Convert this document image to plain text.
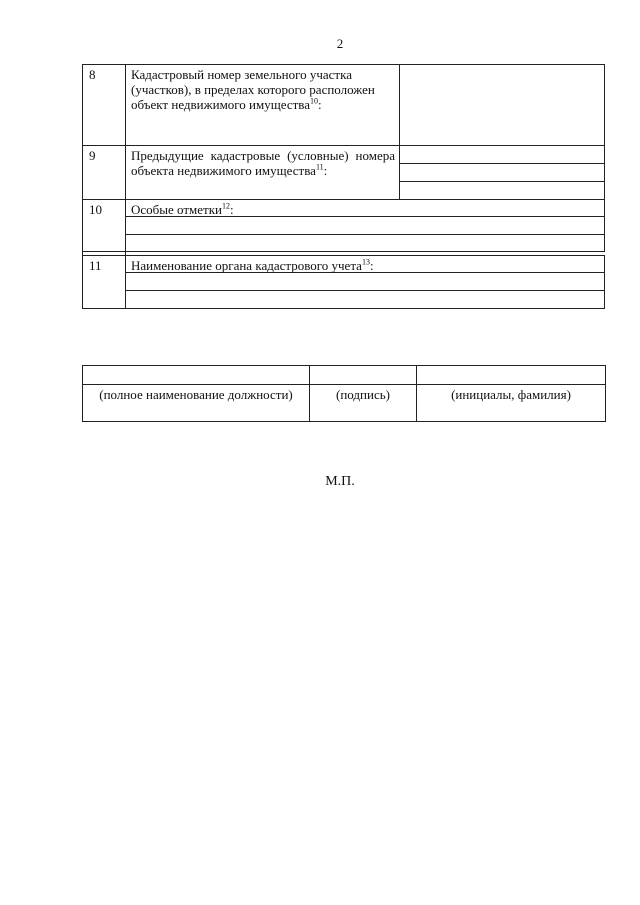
2
8	Кадастровый номер земельного участка (участков), в пределах которого расположен объект недвижимого имущества$^{10}$:	
9	Предыдущие кадастровые (условные) номера объекта недвижимого имущества$^{11}$:	

10	Особые отметки$^{12}$:	

11	Наименование органа кадастрового учета$^{13}$:	

(полное наименование должности)	(подпись)	(инициалы, фамилия)
М.П.
